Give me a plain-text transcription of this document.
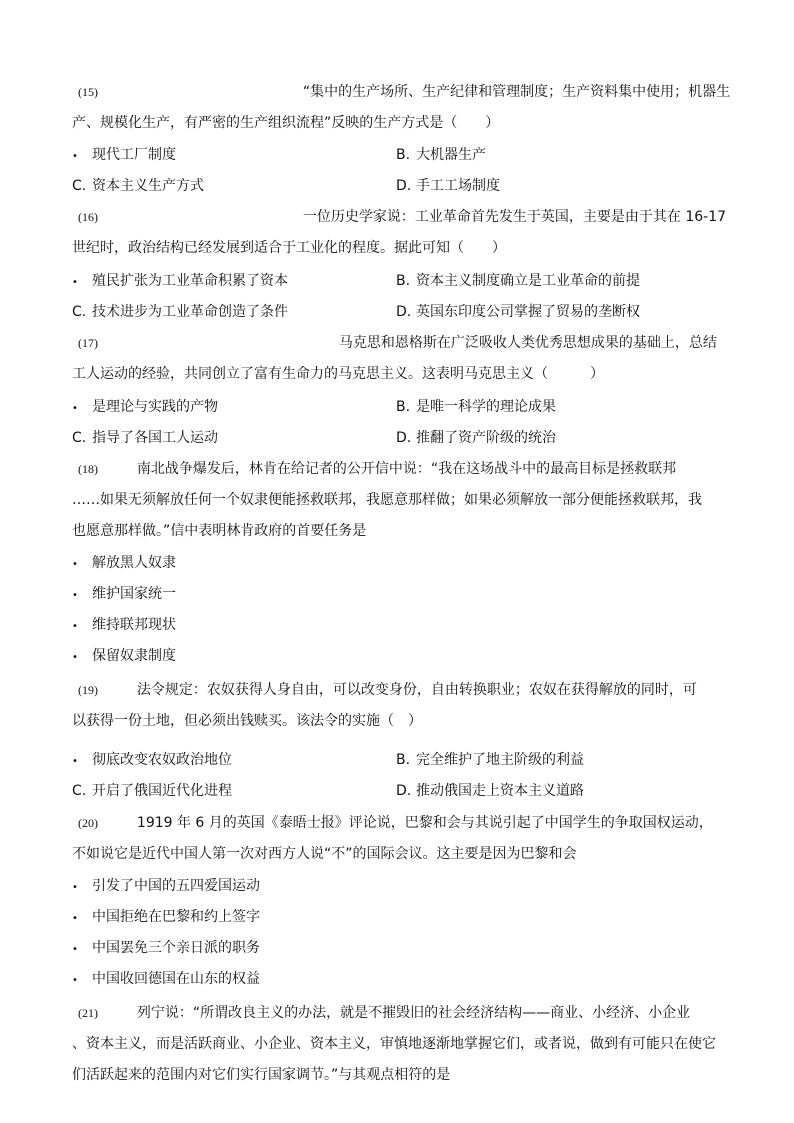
(15)	“集中的生产场所、生产纪律和管理制度；生产资料集中使用；机器生
产、规模化生产，有严密的生产组织流程”反映的生产方式是（　　）
• 现代工厂制度	B. 大机器生产
C. 资本主义生产方式	D. 手工工场制度
(16)	一位历史学家说：工业革命首先发生于英国，主要是由于其在 16-17
世纪时，政治结构已经发展到适合于工业化的程度。据此可知（　　）
• 殖民扩张为工业革命积累了资本	B. 资本主义制度确立是工业革命的前提
C. 技术进步为工业革命创造了条件	D. 英国东印度公司掌握了贸易的垄断权
(17)	马克思和恩格斯在广泛吸收人类优秀思想成果的基础上，总结
工人运动的经验，共同创立了富有生命力的马克思主义。这表明马克思主义（　　　）
• 是理论与实践的产物	B. 是唯一科学的理论成果
C. 指导了各国工人运动	D. 推翻了资产阶级的统治
(18)	南北战争爆发后，林肯在给记者的公开信中说：“我在这场战斗中的最高目标是拯救联邦
……如果无须解放任何一个奴隶便能拯救联邦，我愿意那样做；如果必须解放一部分便能拯救联邦，我
也愿意那样做。”信中表明林肯政府的首要任务是
• 解放黑人奴隶
• 维护国家统一
• 维持联邦现状
• 保留奴隶制度
(19)	法令规定：农奴获得人身自由，可以改变身份，自由转换职业；农奴在获得解放的同时，可
以获得一份土地，但必须出钱赎买。该法令的实施（　）
• 彻底改变农奴政治地位	B. 完全维护了地主阶级的利益
C. 开启了俄国近代化进程	D. 推动俄国走上资本主义道路
(20)	1919 年 6 月的英国《泰晤士报》评论说，巴黎和会与其说引起了中国学生的争取国权运动，
不如说它是近代中国人第一次对西方人说“不”的国际会议。这主要是因为巴黎和会
• 引发了中国的五四爱国运动
• 中国拒绝在巴黎和约上签字
• 中国罢免三个亲日派的职务
• 中国收回德国在山东的权益
(21)	列宁说：“所谓改良主义的办法，就是不摧毁旧的社会经济结构——商业、小经济、小企业
、资本主义，而是活跃商业、小企业、资本主义，审慎地逐渐地掌握它们，或者说，做到有可能只在使它
们活跃起来的范围内对它们实行国家调节。”与其观点相符的是
